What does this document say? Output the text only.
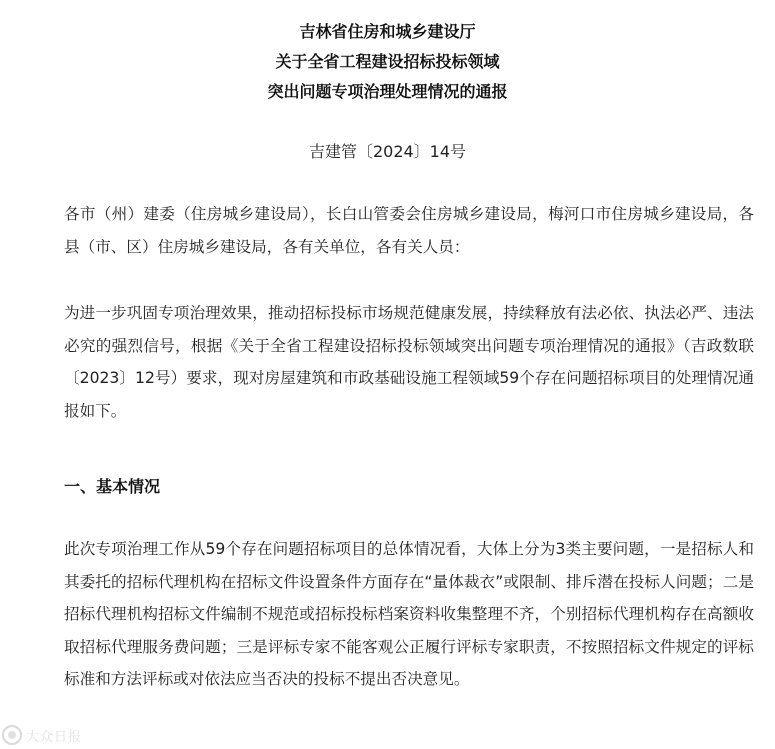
吉林省住房和城乡建设厅
关于全省工程建设招标投标领域
突出问题专项治理处理情况的通报
吉建管〔2024〕14号

各市（州）建委（住房城乡建设局），长白山管委会住房城乡建设局，梅河口市住房城乡建设局，各县（市、区）住房城乡建设局，各有关单位，各有关人员：

为进一步巩固专项治理效果，推动招标投标市场规范健康发展，持续释放有法必依、执法必严、违法必究的强烈信号，根据《关于全省工程建设招标投标领域突出问题专项治理情况的通报》（吉政数联〔2023〕12号）要求，现对房屋建筑和市政基础设施工程领域59个存在问题招标项目的处理情况通报如下。

一、基本情况

此次专项治理工作从59个存在问题招标项目的总体情况看，大体上分为3类主要问题，一是招标人和其委托的招标代理机构在招标文件设置条件方面存在“量体裁衣”或限制、排斥潜在投标人问题；二是招标代理机构招标文件编制不规范或招标投标档案资料收集整理不齐，个别招标代理机构存在高额收取招标代理服务费问题；三是评标专家不能客观公正履行评标专家职责，不按照招标文件规定的评标标准和方法评标或对依法应当否决的投标不提出否决意见。

大众日报
